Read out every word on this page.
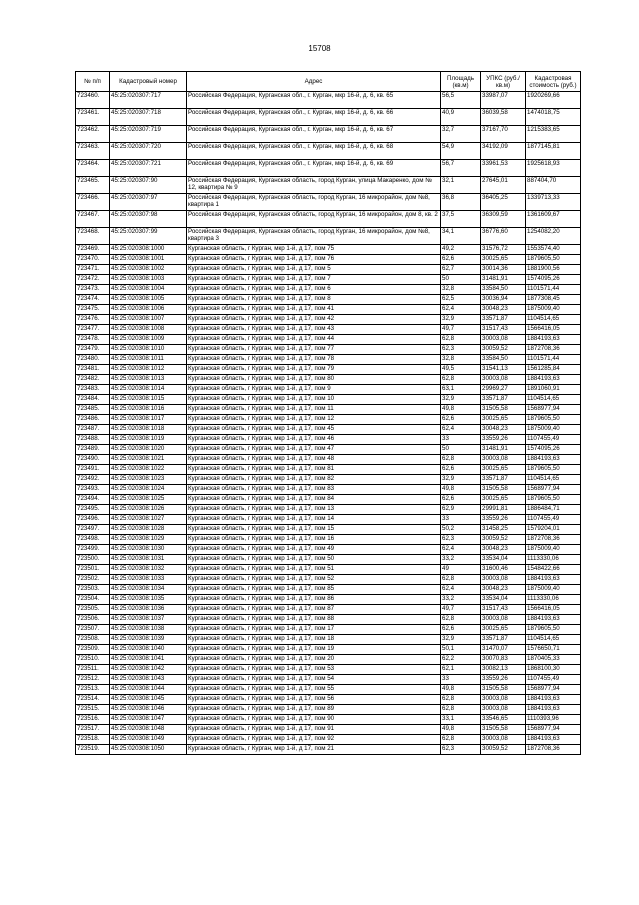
15708
№ п/п	Кадастровый номер	Адрес	Площадь (кв.м)	УПКС (руб./кв.м)	Кадастровая стоимость (руб.)
723460.	45:25:020307:717	Российская Федерация, Курганская обл., г. Курган, мкр 16-й, д. 6, кв. 65	56,5	33987,07	1920269,66
723461.	45:25:020307:718	Российская Федерация, Курганская обл., г. Курган, мкр 16-й, д. 6, кв. 66	40,9	36039,58	1474018,75
723462.	45:25:020307:719	Российская Федерация, Курганская обл., г. Курган, мкр 16-й, д. 6, кв. 67	32,7	37167,70	1215383,65
723463.	45:25:020307:720	Российская Федерация, Курганская обл., г. Курган, мкр 16-й, д. 6, кв. 68	54,9	34192,09	1877145,81
723464.	45:25:020307:721	Российская Федерация, Курганская обл., г. Курган, мкр 16-й, д. 6, кв. 69	56,7	33961,53	1925618,93
723465.	45:25:020307:90	Российская Федерация, Курганская область, город Курган, улица Макаренко, дом № 12, квартира № 9	32,1	27645,01	887404,70
723466.	45:25:020307:97	Российская Федерация, Курганская область, город Курган, 16 микрорайон, дом №8, квартира 1	36,8	36405,25	1339713,33
723467.	45:25:020307:98	Российская Федерация, Курганская область, город Курган, 16 микрорайон, дом 8, кв. 2	37,5	36309,59	1361609,67
723468.	45:25:020307:99	Российская Федерация, Курганская область, город Курган, 16 микрорайон, дом №8, квартира 3	34,1	36776,60	1254082,20
723469.	45:25:020308:1000	Курганская область, г Курган, мкр 1-й, д 17, пом 75	49,2	31576,72	1553574,40
723470.	45:25:020308:1001	Курганская область, г Курган, мкр 1-й, д 17, пом 76	62,6	30025,65	1879605,50
723471.	45:25:020308:1002	Курганская область, г Курган, мкр 1-й, д 17, пом 5	62,7	30014,36	1881900,56
723472.	45:25:020308:1003	Курганская область, г Курган, мкр 1-й, д 17, пом 7	50	31481,91	1574095,26
723473.	45:25:020308:1004	Курганская область, г Курган, мкр 1-й, д 17, пом 6	32,8	33584,50	1101571,44
723474.	45:25:020308:1005	Курганская область, г Курган, мкр 1-й, д 17, пом 8	62,5	30036,94	1877308,45
723475.	45:25:020308:1006	Курганская область, г Курган, мкр 1-й, д 17, пом 41	62,4	30048,23	1875009,40
723476.	45:25:020308:1007	Курганская область, г Курган, мкр 1-й, д 17, пом 42	32,9	33571,87	1104514,65
723477.	45:25:020308:1008	Курганская область, г Курган, мкр 1-й, д 17, пом 43	49,7	31517,43	1566416,05
723478.	45:25:020308:1009	Курганская область, г Курган, мкр 1-й, д 17, пом 44	62,8	30003,08	1884193,63
723479.	45:25:020308:1010	Курганская область, г Курган, мкр 1-й, д 17, пом 77	62,3	30059,52	1872708,36
723480.	45:25:020308:1011	Курганская область, г Курган, мкр 1-й, д 17, пом 78	32,8	33584,50	1101571,44
723481.	45:25:020308:1012	Курганская область, г Курган, мкр 1-й, д 17, пом 79	49,5	31541,13	1561285,84
723482.	45:25:020308:1013	Курганская область, г Курган, мкр 1-й, д 17, пом 80	62,8	30003,08	1884193,63
723483.	45:25:020308:1014	Курганская область, г Курган, мкр 1-й, д 17, пом 9	63,1	29969,27	1891060,91
723484.	45:25:020308:1015	Курганская область, г Курган, мкр 1-й, д 17, пом 10	32,9	33571,87	1104514,65
723485.	45:25:020308:1016	Курганская область, г Курган, мкр 1-й, д 17, пом 11	49,8	31505,58	1568977,94
723486.	45:25:020308:1017	Курганская область, г Курган, мкр 1-й, д 17, пом 12	62,6	30025,65	1879605,50
723487.	45:25:020308:1018	Курганская область, г Курган, мкр 1-й, д 17, пом 45	62,4	30048,23	1875009,40
723488.	45:25:020308:1019	Курганская область, г Курган, мкр 1-й, д 17, пом 46	33	33559,26	1107455,49
723489.	45:25:020308:1020	Курганская область, г Курган, мкр 1-й, д 17, пом 47	50	31481,91	1574095,26
723490.	45:25:020308:1021	Курганская область, г Курган, мкр 1-й, д 17, пом 48	62,8	30003,08	1884193,63
723491.	45:25:020308:1022	Курганская область, г Курган, мкр 1-й, д 17, пом 81	62,6	30025,65	1879605,50
723492.	45:25:020308:1023	Курганская область, г Курган, мкр 1-й, д 17, пом 82	32,9	33571,87	1104514,65
723493.	45:25:020308:1024	Курганская область, г Курган, мкр 1-й, д 17, пом 83	49,8	31505,58	1568977,94
723494.	45:25:020308:1025	Курганская область, г Курган, мкр 1-й, д 17, пом 84	62,6	30025,65	1879605,50
723495.	45:25:020308:1026	Курганская область, г Курган, мкр 1-й, д 17, пом 13	62,9	29991,81	1886484,71
723496.	45:25:020308:1027	Курганская область, г Курган, мкр 1-й, д 17, пом 14	33	33559,26	1107455,49
723497.	45:25:020308:1028	Курганская область, г Курган, мкр 1-й, д 17, пом 15	50,2	31458,25	1579204,01
723498.	45:25:020308:1029	Курганская область, г Курган, мкр 1-й, д 17, пом 16	62,3	30059,52	1872708,36
723499.	45:25:020308:1030	Курганская область, г Курган, мкр 1-й, д 17, пом 49	62,4	30048,23	1875009,40
723500.	45:25:020308:1031	Курганская область, г Курган, мкр 1-й, д 17, пом 50	33,2	33534,04	1113330,06
723501.	45:25:020308:1032	Курганская область, г Курган, мкр 1-й, д 17, пом 51	49	31600,46	1548422,66
723502.	45:25:020308:1033	Курганская область, г Курган, мкр 1-й, д 17, пом 52	62,8	30003,08	1884193,63
723503.	45:25:020308:1034	Курганская область, г Курган, мкр 1-й, д 17, пом 85	62,4	30048,23	1875009,40
723504.	45:25:020308:1035	Курганская область, г Курган, мкр 1-й, д 17, пом 86	33,2	33534,04	1113330,06
723505.	45:25:020308:1036	Курганская область, г Курган, мкр 1-й, д 17, пом 87	49,7	31517,43	1566416,05
723506.	45:25:020308:1037	Курганская область, г Курган, мкр 1-й, д 17, пом 88	62,8	30003,08	1884193,63
723507.	45:25:020308:1038	Курганская область, г Курган, мкр 1-й, д 17, пом 17	62,6	30025,65	1879605,50
723508.	45:25:020308:1039	Курганская область, г Курган, мкр 1-й, д 17, пом 18	32,9	33571,87	1104514,65
723509.	45:25:020308:1040	Курганская область, г Курган, мкр 1-й, д 17, пом 19	50,1	31470,07	1576650,71
723510.	45:25:020308:1041	Курганская область, г Курган, мкр 1-й, д 17, пом 20	62,2	30070,83	1870405,33
723511.	45:25:020308:1042	Курганская область, г Курган, мкр 1-й, д 17, пом 53	62,1	30082,13	1868100,30
723512.	45:25:020308:1043	Курганская область, г Курган, мкр 1-й, д 17, пом 54	33	33559,26	1107455,49
723513.	45:25:020308:1044	Курганская область, г Курган, мкр 1-й, д 17, пом 55	49,8	31505,58	1568977,94
723514.	45:25:020308:1045	Курганская область, г Курган, мкр 1-й, д 17, пом 56	62,8	30003,08	1884193,63
723515.	45:25:020308:1046	Курганская область, г Курган, мкр 1-й, д 17, пом 89	62,8	30003,08	1884193,63
723516.	45:25:020308:1047	Курганская область, г Курган, мкр 1-й, д 17, пом 90	33,1	33546,65	1110393,96
723517.	45:25:020308:1048	Курганская область, г Курган, мкр 1-й, д 17, пом 91	49,8	31505,58	1568977,94
723518.	45:25:020308:1049	Курганская область, г Курган, мкр 1-й, д 17, пом 92	62,8	30003,08	1884193,63
723519.	45:25:020308:1050	Курганская область, г Курган, мкр 1-й, д 17, пом 21	62,3	30059,52	1872708,36
